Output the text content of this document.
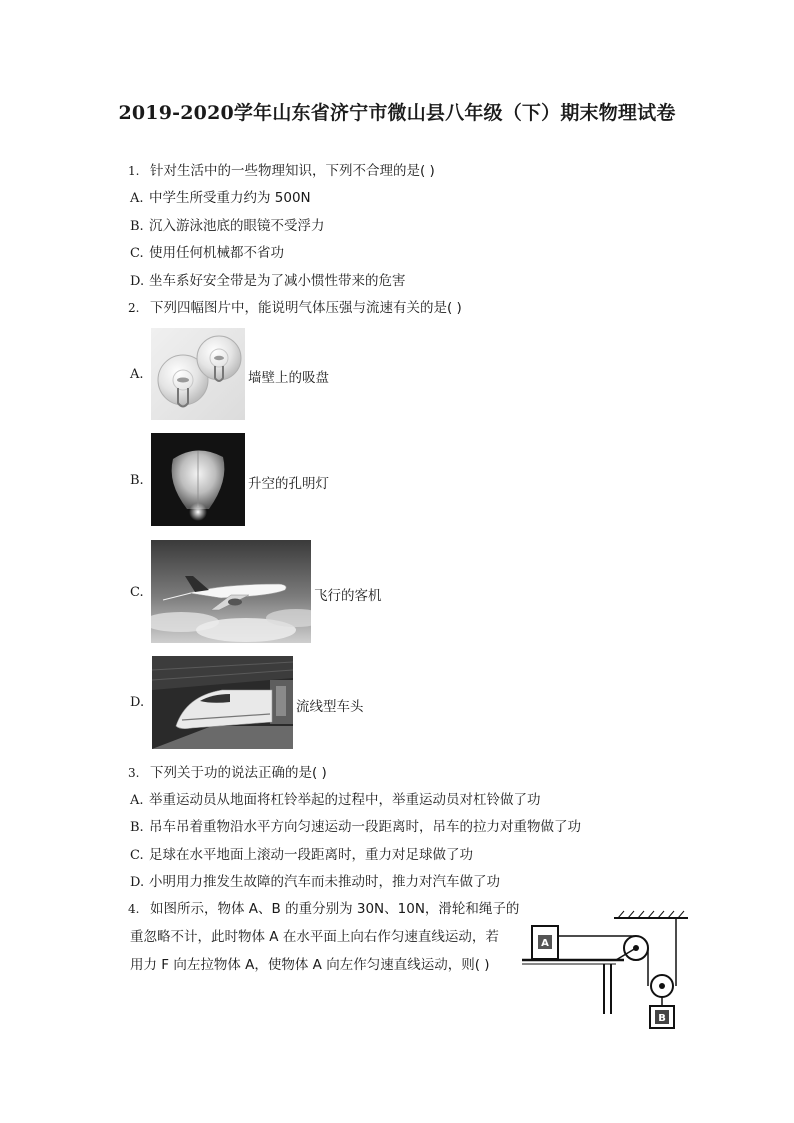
2019-2020学年山东省济宁市微山县八年级（下）期末物理试卷
1. 针对生活中的一些物理知识，下列不合理的是( )
A. 中学生所受重力约为 500N
B. 沉入游泳池底的眼镜不受浮力
C. 使用任何机械都不省功
D. 坐车系好安全带是为了减小惯性带来的危害
2. 下列四幅图片中，能说明气体压强与流速有关的是( )
A.	墙壁上的吸盘
B.	升空的孔明灯
C.	飞行的客机
D.	流线型车头
3. 下列关于功的说法正确的是( )
A. 举重运动员从地面将杠铃举起的过程中，举重运动员对杠铃做了功
B. 吊车吊着重物沿水平方向匀速运动一段距离时，吊车的拉力对重物做了功
C. 足球在水平地面上滚动一段距离时，重力对足球做了功
D. 小明用力推发生故障的汽车而未推动时，推力对汽车做了功
4. 如图所示，物体 A、B 的重分别为 30N、10N，滑轮和绳子的
重忽略不计，此时物体 A 在水平面上向右作匀速直线运动，若
用力 F 向左拉物体 A，使物体 A 向左作匀速直线运动，则( )
A
B
